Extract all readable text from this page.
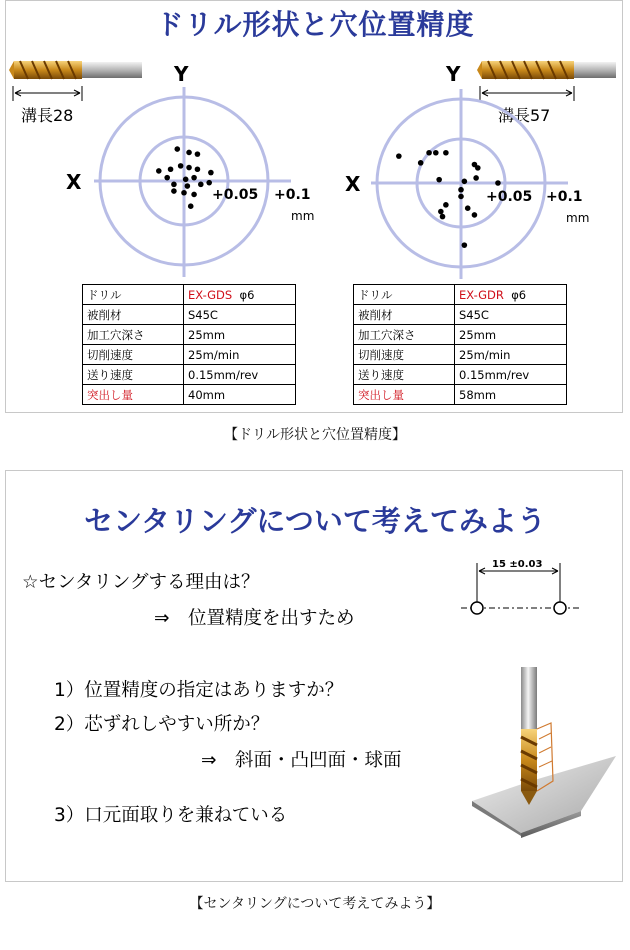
ドリル形状と穴位置精度
溝長28	溝長57
Y
X
+0.05 +0.1
mm
Y
X
+0.05 +0.1
mm
ドリル	EX-GDS φ6
被削材	S45C
加工穴深さ	25mm
切削速度	25m/min
送り速度	0.15mm/rev
突出し量	40mm
ドリル	EX-GDR φ6
被削材	S45C
加工穴深さ	25mm
切削速度	25m/min
送り速度	0.15mm/rev
突出し量	58mm
【ドリル形状と穴位置精度】
センタリングについて考えてみよう
☆センタリングする理由は？
⇒　位置精度を出すため
1）位置精度の指定はありますか？
2）芯ずれしやすい所か？
⇒　斜面・凸凹面・球面
3）口元面取りを兼ねている
15 ±0.03
【センタリングについて考えてみよう】
